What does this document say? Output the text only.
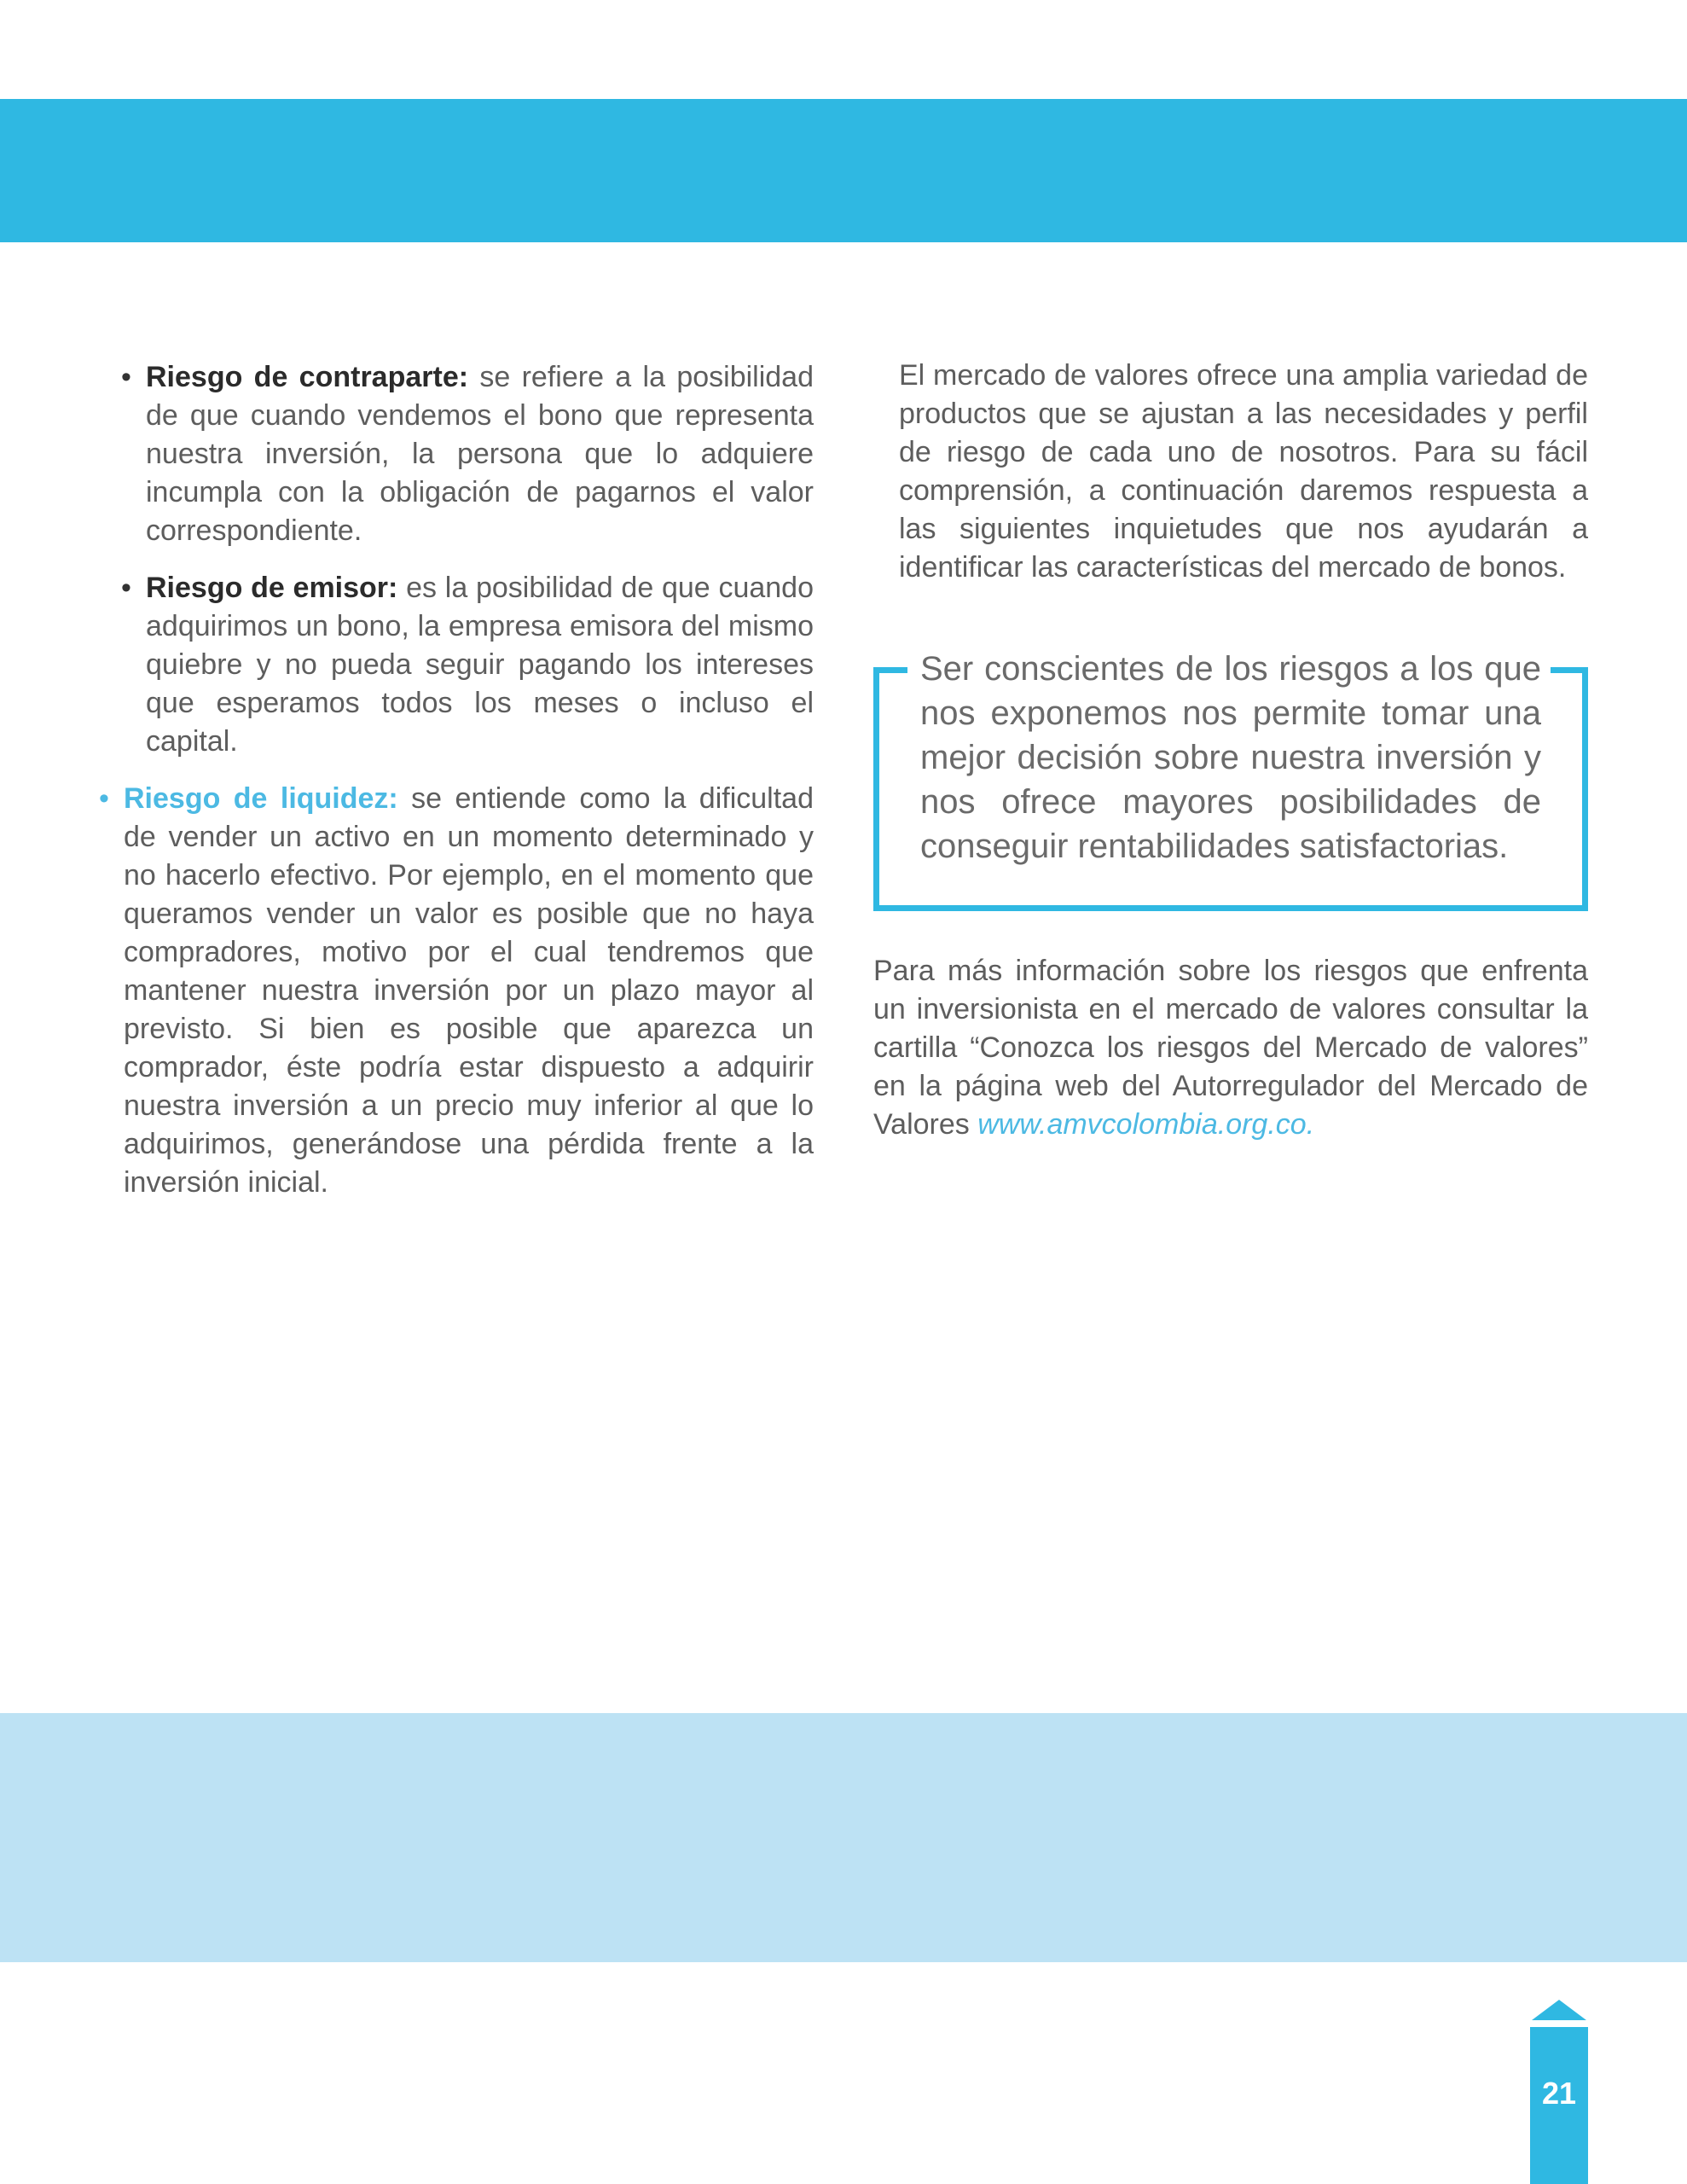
• Riesgo de contraparte: se refiere a la posibilidad de que cuando vendemos el bono que representa nuestra inversión, la persona que lo adquiere incumpla con la obligación de pagarnos el valor correspondiente.

• Riesgo de emisor: es la posibilidad de que cuando adquirimos un bono, la empresa emisora del mismo quiebre y no pueda seguir pagando los intereses que esperamos todos los meses o incluso el capital.

• Riesgo de liquidez: se entiende como la dificultad de vender un activo en un momento determinado y no hacerlo efectivo. Por ejemplo, en el momento que queramos vender un valor es posible que no haya compradores, motivo por el cual tendremos que mantener nuestra inversión por un plazo mayor al previsto. Si bien es posible que aparezca un comprador, éste podría estar dispuesto a adquirir nuestra inversión a un precio muy inferior al que lo adquirimos, generándose una pérdida frente a la inversión inicial.

El mercado de valores ofrece una amplia variedad de productos que se ajustan a las necesidades y perfil de riesgo de cada uno de nosotros. Para su fácil comprensión, a continuación daremos respuesta a las siguientes inquietudes que nos ayudarán a identificar las características del mercado de bonos.

Ser conscientes de los riesgos a los que nos exponemos nos permite tomar una mejor decisión sobre nuestra inversión y nos ofrece mayores posibilidades de conseguir rentabilidades satisfactorias.

Para más información sobre los riesgos que enfrenta un inversionista en el mercado de valores consultar la cartilla “Conozca los riesgos del Mercado de valores” en la página web del Autorregulador del Mercado de Valores www.amvcolombia.org.co.

21
